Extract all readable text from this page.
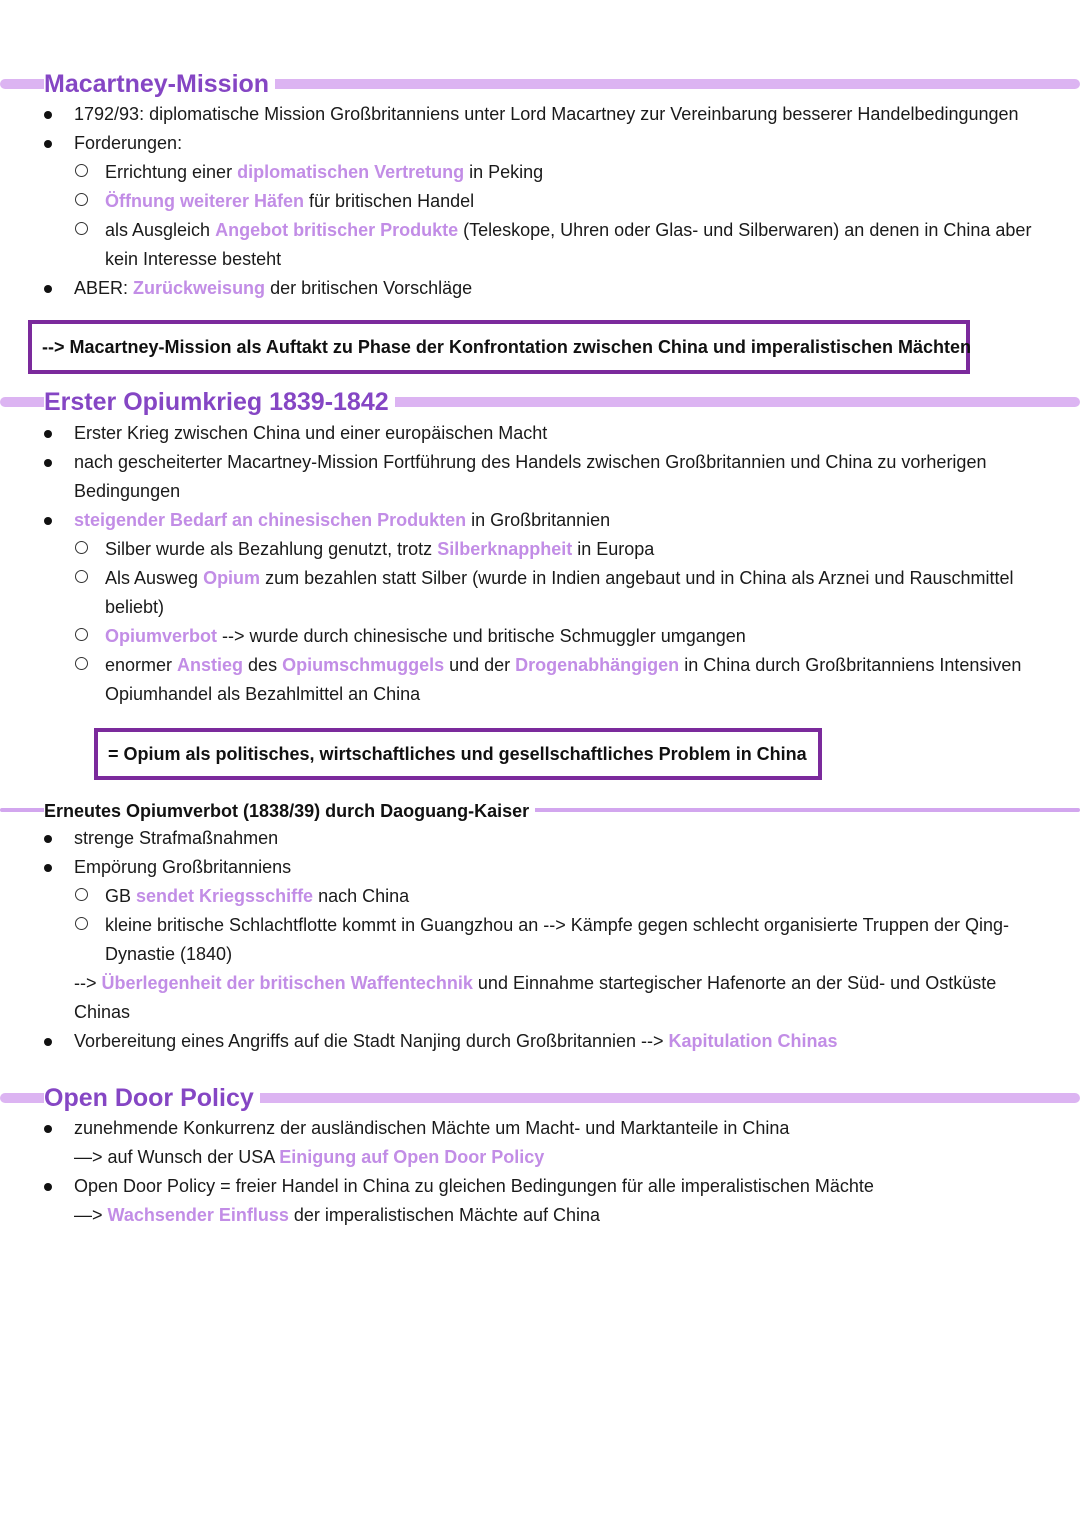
Macartney-Mission
1792/93: diplomatische Mission Großbritanniens unter Lord Macartney zur Vereinbarung besserer Handelbedingungen
Forderungen:
Errichtung einer diplomatischen Vertretung in Peking
Öffnung weiterer Häfen für britischen Handel
als Ausgleich Angebot britischer Produkte (Teleskope, Uhren oder Glas- und Silberwaren) an denen in China aber kein Interesse besteht
ABER: Zurückweisung der britischen Vorschläge
--> Macartney-Mission als Auftakt zu Phase der Konfrontation zwischen China und imperalistischen Mächten
Erster Opiumkrieg 1839-1842
Erster Krieg zwischen China und einer europäischen Macht
nach gescheiterter Macartney-Mission Fortführung des Handels zwischen Großbritannien und China zu vorherigen Bedingungen
steigender Bedarf an chinesischen Produkten in Großbritannien
Silber wurde als Bezahlung genutzt, trotz Silberknappheit in Europa
Als Ausweg Opium zum bezahlen statt Silber (wurde in Indien angebaut und in China als Arznei und Rauschmittel beliebt)
Opiumverbot --> wurde durch chinesische und britische Schmuggler umgangen
enormer Anstieg des Opiumschmuggels und der Drogenabhängigen in China durch Großbritanniens Intensiven Opiumhandel als Bezahlmittel an China
= Opium als politisches, wirtschaftliches und gesellschaftliches Problem in China
Erneutes Opiumverbot (1838/39) durch Daoguang-Kaiser
strenge Strafmaßnahmen
Empörung Großbritanniens
GB sendet Kriegsschiffe nach China
kleine britische Schlachtflotte kommt in Guangzhou an --> Kämpfe gegen schlecht organisierte Truppen der Qing-Dynastie (1840)
--> Überlegenheit der britischen Waffentechnik und Einnahme startegischer Hafenorte an der Süd- und Ostküste Chinas
Vorbereitung eines Angriffs auf die Stadt Nanjing durch Großbritannien --> Kapitulation Chinas
Open Door Policy
zunehmende Konkurrenz der ausländischen Mächte um Macht- und Marktanteile in China
—> auf Wunsch der USA Einigung auf Open Door Policy
Open Door Policy = freier Handel in China zu gleichen Bedingungen für alle imperalistischen Mächte
—> Wachsender Einfluss der imperalistischen Mächte auf China
